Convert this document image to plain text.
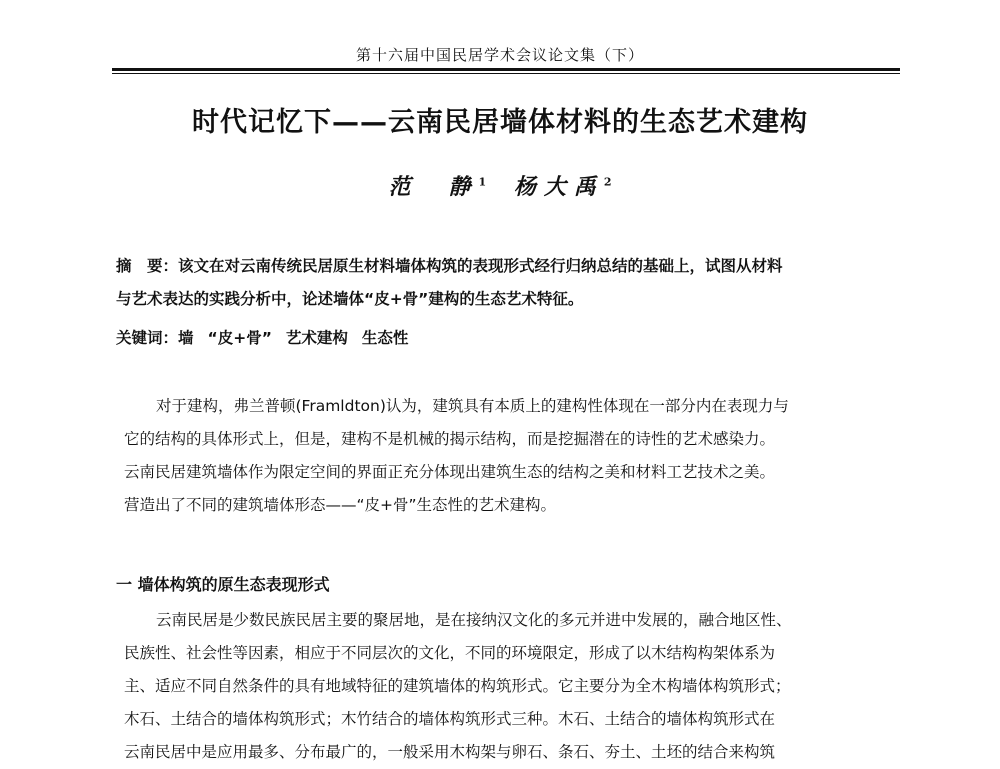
第十六届中国民居学术会议论文集（下）
时代记忆下——云南民居墙体材料的生态艺术建构
范　静$^1$ 杨大禹$^2$
摘　要：该文在对云南传统民居原生材料墙体构筑的表现形式经行归纳总结的基础上，试图从材料
与艺术表达的实践分析中，论述墙体“皮+骨”建构的生态艺术特征。
关键词：墙 “皮+骨” 艺术建构 生态性
对于建构，弗兰普顿(Framldton)认为，建筑具有本质上的建构性体现在一部分内在表现力与
它的结构的具体形式上，但是，建构不是机械的揭示结构，而是挖掘潜在的诗性的艺术感染力。
云南民居建筑墙体作为限定空间的界面正充分体现出建筑生态的结构之美和材料工艺技术之美。
营造出了不同的建筑墙体形态——“皮+骨”生态性的艺术建构。
一 墙体构筑的原生态表现形式
云南民居是少数民族民居主要的聚居地，是在接纳汉文化的多元并进中发展的，融合地区性、
民族性、社会性等因素，相应于不同层次的文化，不同的环境限定，形成了以木结构构架体系为
主、适应不同自然条件的具有地域特征的建筑墙体的构筑形式。它主要分为全木构墙体构筑形式；
木石、土结合的墙体构筑形式；木竹结合的墙体构筑形式三种。木石、土结合的墙体构筑形式在
云南民居中是应用最多、分布最广的，一般采用木构架与卵石、条石、夯土、土坯的结合来构筑
